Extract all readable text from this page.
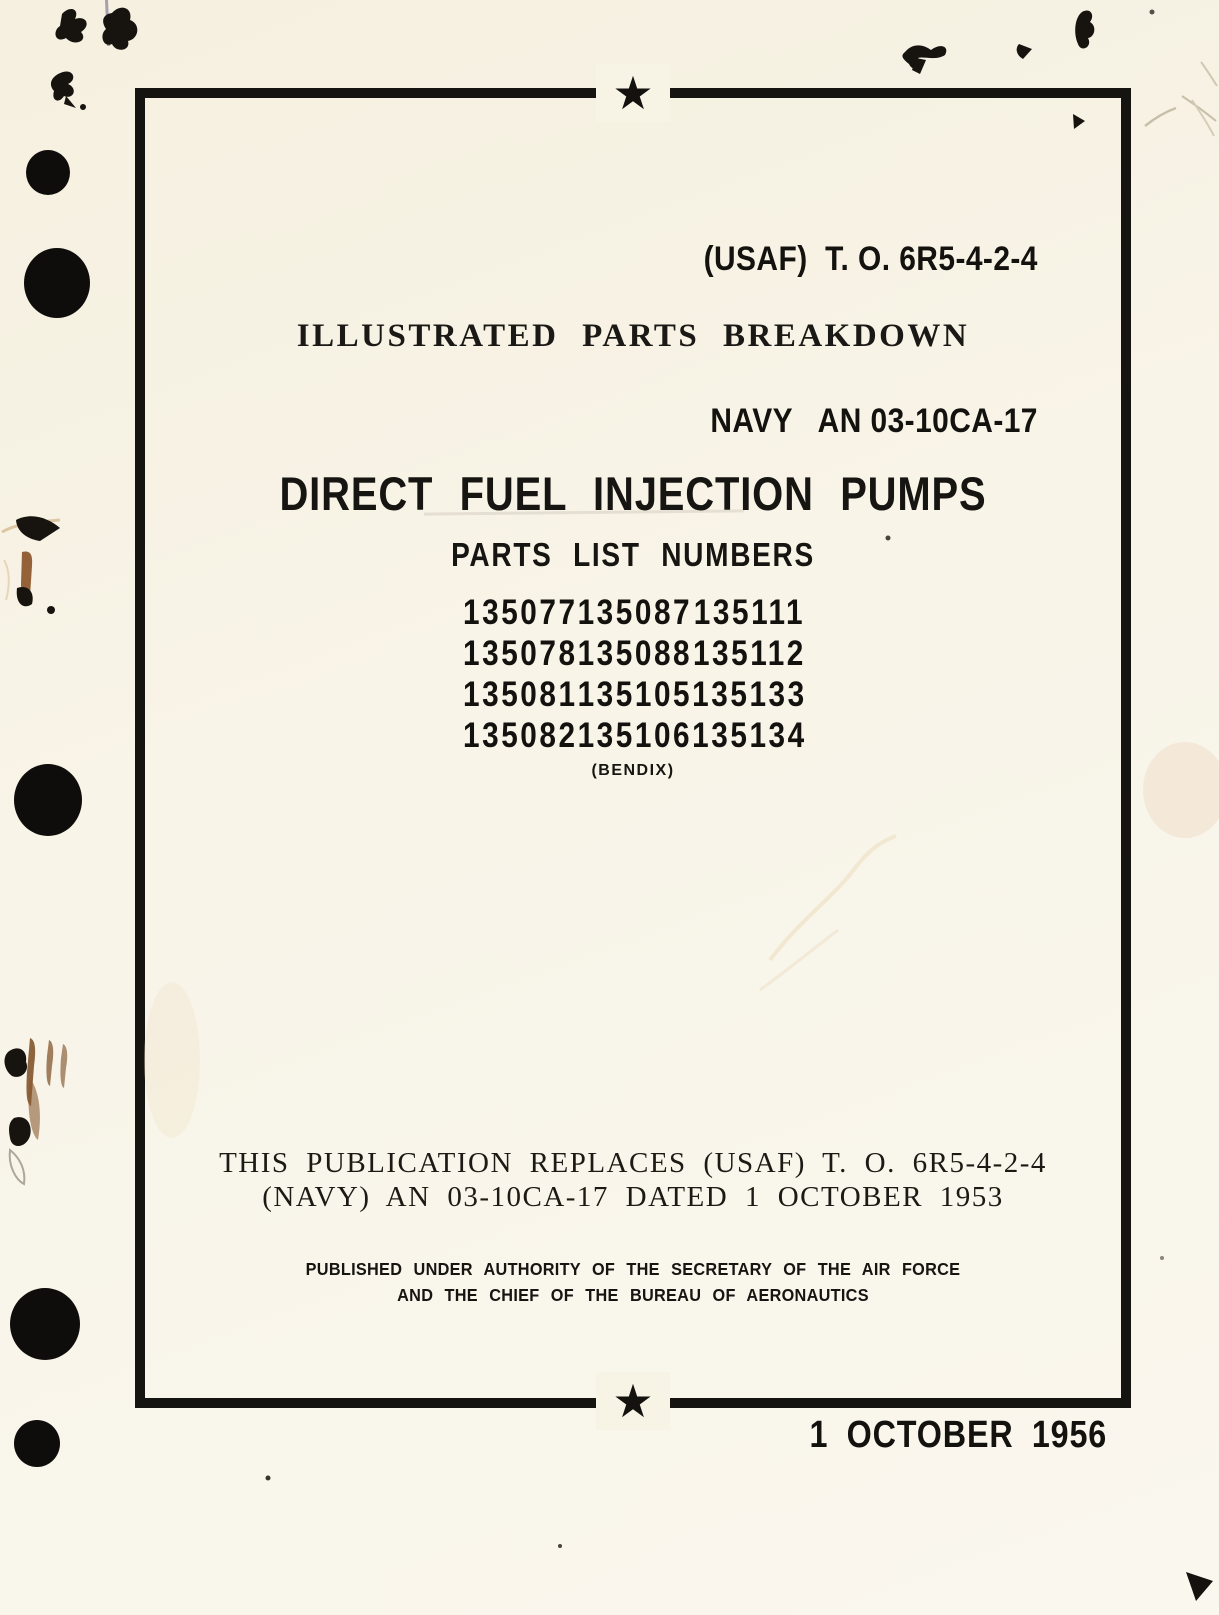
★
★

(USAF)  T. O. 6R5-4-2-4

NAVY   AN 03-10CA-17

ILLUSTRATED PARTS BREAKDOWN
DIRECT FUEL INJECTION PUMPS
PARTS LIST NUMBERS
135077 135087 135111
135078 135088 135112
135081 135105 135133
135082 135106 135134
(BENDIX)
THIS PUBLICATION REPLACES (USAF) T. O. 6R5-4-2-4
(NAVY) AN 03-10CA-17 DATED 1 OCTOBER 1953
PUBLISHED UNDER AUTHORITY OF THE SECRETARY OF THE AIR FORCE
AND THE CHIEF OF THE BUREAU OF AERONAUTICS
1 OCTOBER 1956
